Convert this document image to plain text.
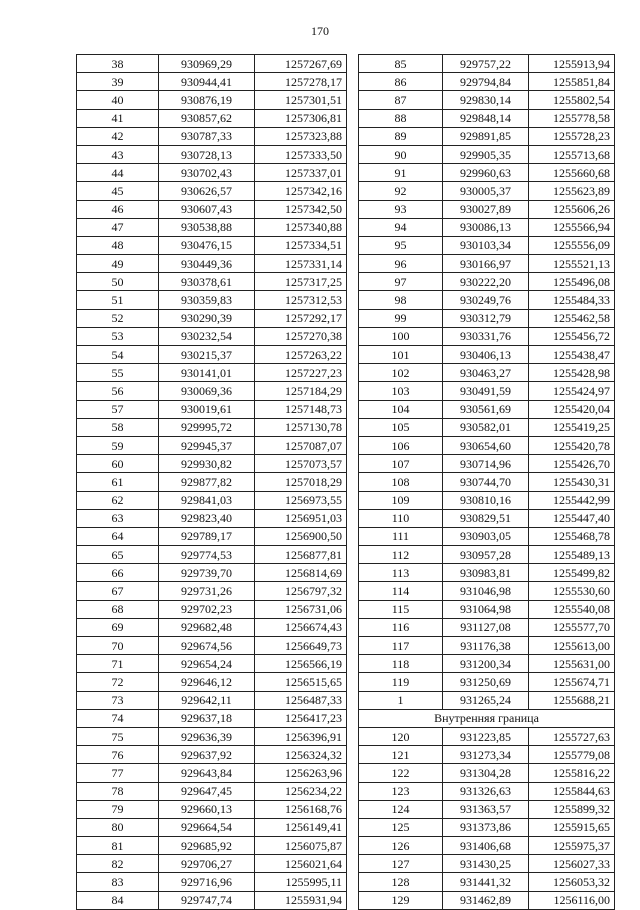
170
38	930969,29	1257267,69
39	930944,41	1257278,17
40	930876,19	1257301,51
41	930857,62	1257306,81
42	930787,33	1257323,88
43	930728,13	1257333,50
44	930702,43	1257337,01
45	930626,57	1257342,16
46	930607,43	1257342,50
47	930538,88	1257340,88
48	930476,15	1257334,51
49	930449,36	1257331,14
50	930378,61	1257317,25
51	930359,83	1257312,53
52	930290,39	1257292,17
53	930232,54	1257270,38
54	930215,37	1257263,22
55	930141,01	1257227,23
56	930069,36	1257184,29
57	930019,61	1257148,73
58	929995,72	1257130,78
59	929945,37	1257087,07
60	929930,82	1257073,57
61	929877,82	1257018,29
62	929841,03	1256973,55
63	929823,40	1256951,03
64	929789,17	1256900,50
65	929774,53	1256877,81
66	929739,70	1256814,69
67	929731,26	1256797,32
68	929702,23	1256731,06
69	929682,48	1256674,43
70	929674,56	1256649,73
71	929654,24	1256566,19
72	929646,12	1256515,65
73	929642,11	1256487,33
74	929637,18	1256417,23
75	929636,39	1256396,91
76	929637,92	1256324,32
77	929643,84	1256263,96
78	929647,45	1256234,22
79	929660,13	1256168,76
80	929664,54	1256149,41
81	929685,92	1256075,87
82	929706,27	1256021,64
83	929716,96	1255995,11
84	929747,74	1255931,94
85	929757,22	1255913,94
86	929794,84	1255851,84
87	929830,14	1255802,54
88	929848,14	1255778,58
89	929891,85	1255728,23
90	929905,35	1255713,68
91	929960,63	1255660,68
92	930005,37	1255623,89
93	930027,89	1255606,26
94	930086,13	1255566,94
95	930103,34	1255556,09
96	930166,97	1255521,13
97	930222,20	1255496,08
98	930249,76	1255484,33
99	930312,79	1255462,58
100	930331,76	1255456,72
101	930406,13	1255438,47
102	930463,27	1255428,98
103	930491,59	1255424,97
104	930561,69	1255420,04
105	930582,01	1255419,25
106	930654,60	1255420,78
107	930714,96	1255426,70
108	930744,70	1255430,31
109	930810,16	1255442,99
110	930829,51	1255447,40
111	930903,05	1255468,78
112	930957,28	1255489,13
113	930983,81	1255499,82
114	931046,98	1255530,60
115	931064,98	1255540,08
116	931127,08	1255577,70
117	931176,38	1255613,00
118	931200,34	1255631,00
119	931250,69	1255674,71
1	931265,24	1255688,21
Внутренняя граница		
120	931223,85	1255727,63
121	931273,34	1255779,08
122	931304,28	1255816,22
123	931326,63	1255844,63
124	931363,57	1255899,32
125	931373,86	1255915,65
126	931406,68	1255975,37
127	931430,25	1256027,33
128	931441,32	1256053,32
129	931462,89	1256116,00
